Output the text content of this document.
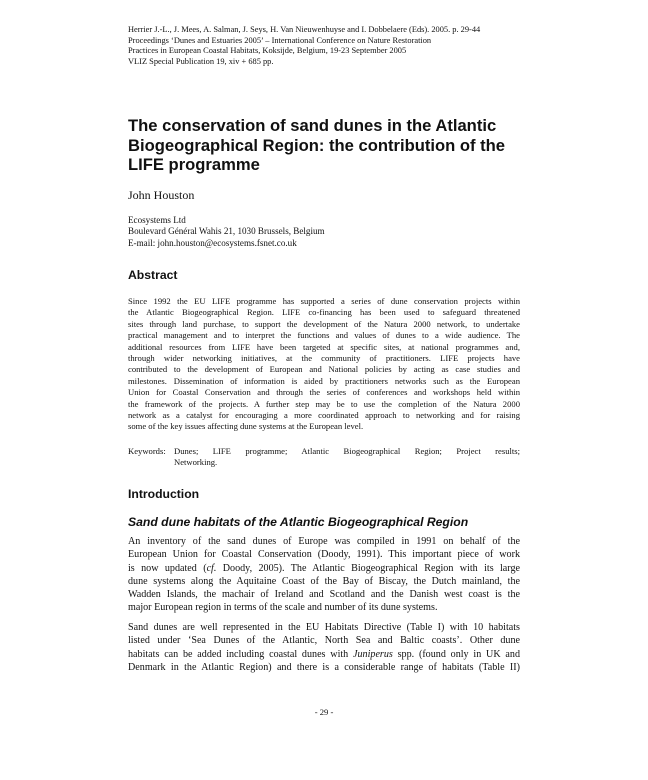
Herrier J.-L., J. Mees, A. Salman, J. Seys, H. Van Nieuwenhuyse and I. Dobbelaere (Eds). 2005. p. 29-44
Proceedings ‘Dunes and Estuaries 2005’ – International Conference on Nature Restoration
Practices in European Coastal Habitats, Koksijde, Belgium, 19-23 September 2005
VLIZ Special Publication 19, xiv + 685 pp.
The conservation of sand dunes in the Atlantic Biogeographical Region: the contribution of the LIFE programme
John Houston
Ecosystems Ltd
Boulevard Général Wahis 21, 1030 Brussels, Belgium
E-mail: john.houston@ecosystems.fsnet.co.uk
Abstract
Since 1992 the EU LIFE programme has supported a series of dune conservation projects within
the Atlantic Biogeographical Region. LIFE co-financing has been used to safeguard threatened
sites through land purchase, to support the development of the Natura 2000 network, to undertake
practical management and to interpret the functions and values of dunes to a wide audience. The
additional resources from LIFE have been targeted at specific sites, at national programmes and,
through wider networking initiatives, at the community of practitioners. LIFE projects have
contributed to the development of European and National policies by acting as case studies and
milestones. Dissemination of information is aided by practitioners networks such as the European
Union for Coastal Conservation and through the series of conferences and workshops held within
the framework of the projects. A further step may be to use the completion of the Natura 2000
network as a catalyst for encouraging a more coordinated approach to networking and for raising
some of the key issues affecting dune systems at the European level.
Keywords: Dunes; LIFE programme; Atlantic Biogeographical Region; Project results;
Networking.
Introduction
Sand dune habitats of the Atlantic Biogeographical Region
An inventory of the sand dunes of Europe was compiled in 1991 on behalf of the
European Union for Coastal Conservation (Doody, 1991). This important piece of work
is now updated (cf. Doody, 2005). The Atlantic Biogeographical Region with its large
dune systems along the Aquitaine Coast of the Bay of Biscay, the Dutch mainland, the
Wadden Islands, the machair of Ireland and Scotland and the Danish west coast is the
major European region in terms of the scale and number of its dune systems.
Sand dunes are well represented in the EU Habitats Directive (Table I) with 10 habitats
listed under ‘Sea Dunes of the Atlantic, North Sea and Baltic coasts’. Other dune
habitats can be added including coastal dunes with Juniperus spp. (found only in UK and
Denmark in the Atlantic Region) and there is a considerable range of habitats (Table II)
- 29 -
